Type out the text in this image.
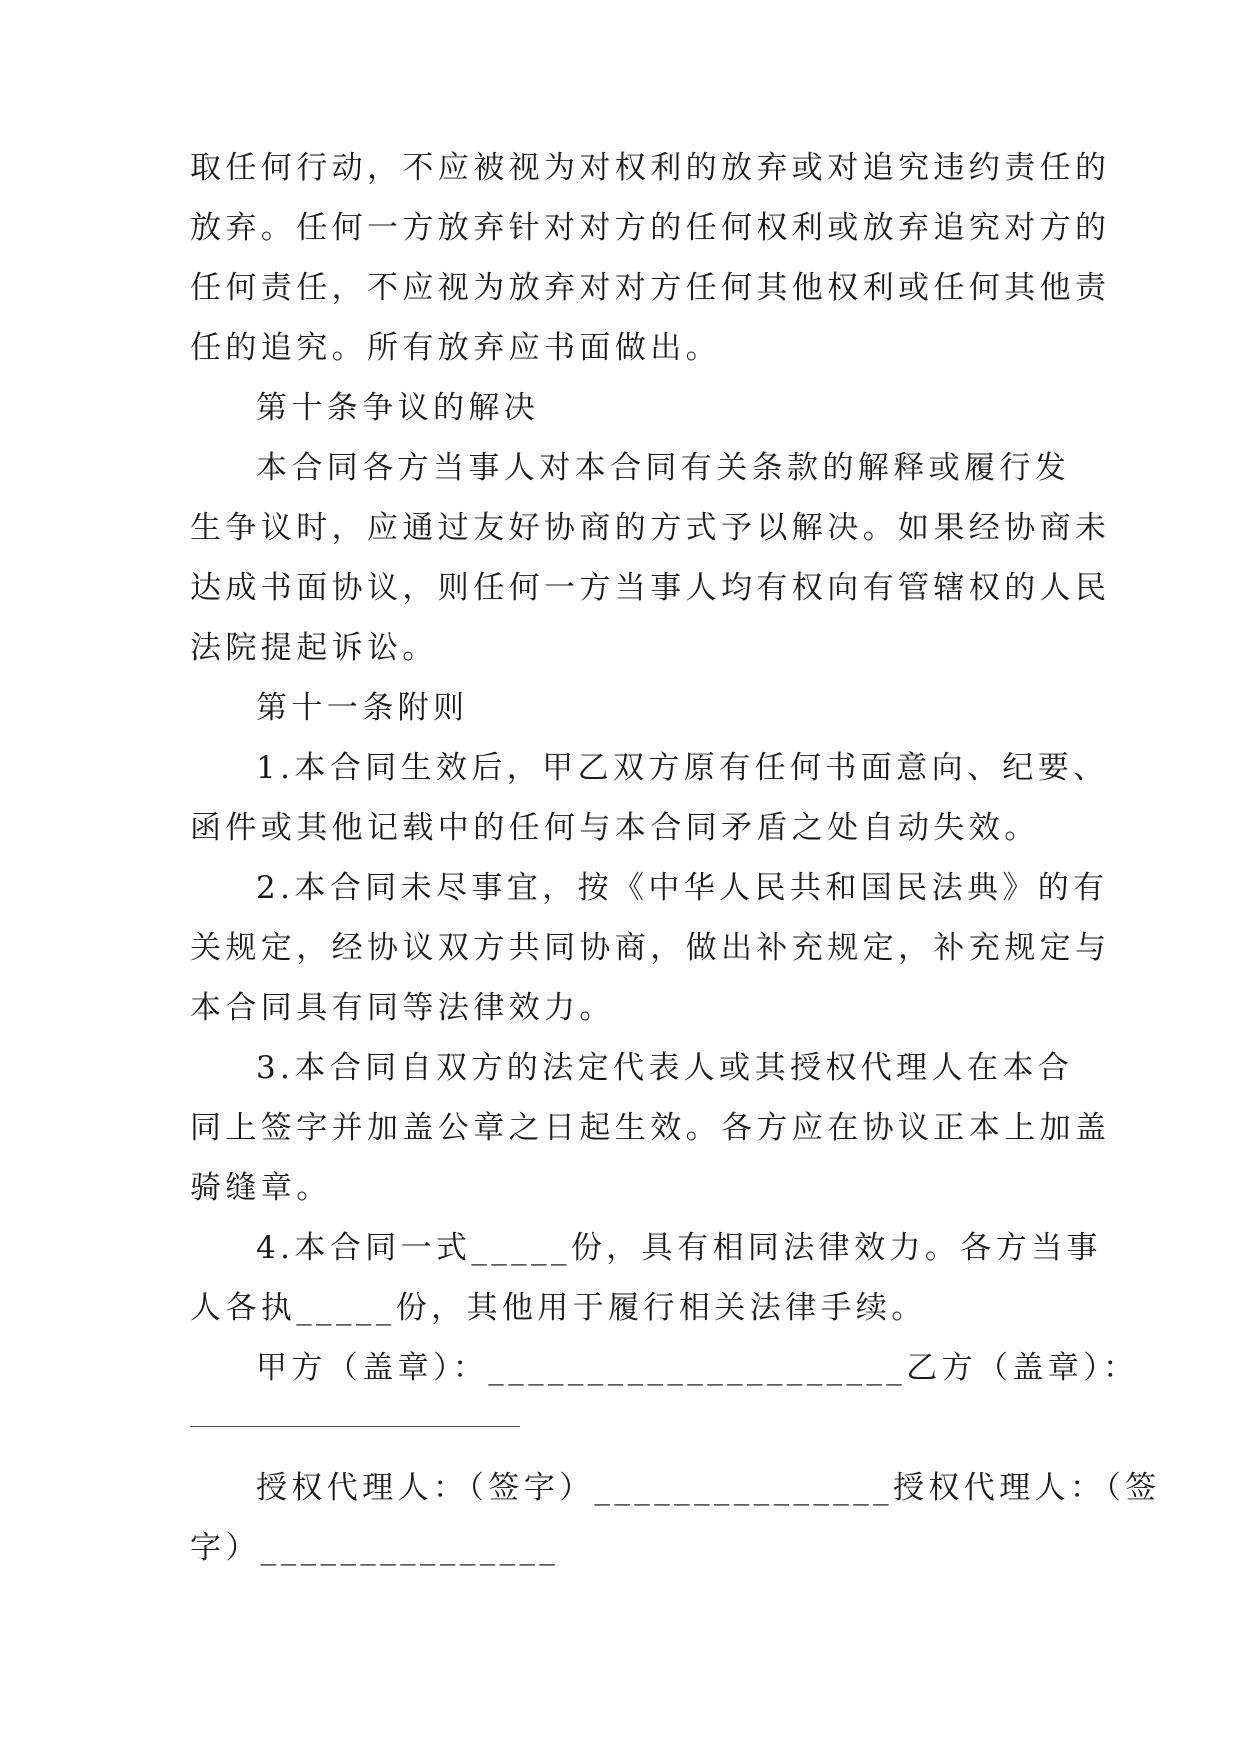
取任何行动，不应被视为对权利的放弃或对追究违约责任的
放弃。任何一方放弃针对对方的任何权利或放弃追究对方的
任何责任，不应视为放弃对对方任何其他权利或任何其他责
任的追究。所有放弃应书面做出。
第十条争议的解决
本合同各方当事人对本合同有关条款的解释或履行发
生争议时，应通过友好协商的方式予以解决。如果经协商未
达成书面协议，则任何一方当事人均有权向有管辖权的人民
法院提起诉讼。
第十一条附则
1.本合同生效后，甲乙双方原有任何书面意向、纪要、
函件或其他记载中的任何与本合同矛盾之处自动失效。
2.本合同未尽事宜，按《中华人民共和国民法典》的有
关规定，经协议双方共同协商，做出补充规定，补充规定与
本合同具有同等法律效力。
3.本合同自双方的法定代表人或其授权代理人在本合
同上签字并加盖公章之日起生效。各方应在协议正本上加盖
骑缝章。
4.本合同一式_____份，具有相同法律效力。各方当事
人各执_____份，其他用于履行相关法律手续。
甲方（盖章）：_____________________乙方（盖章）：
授权代理人：（签字）_______________授权代理人：（签
字）_______________
